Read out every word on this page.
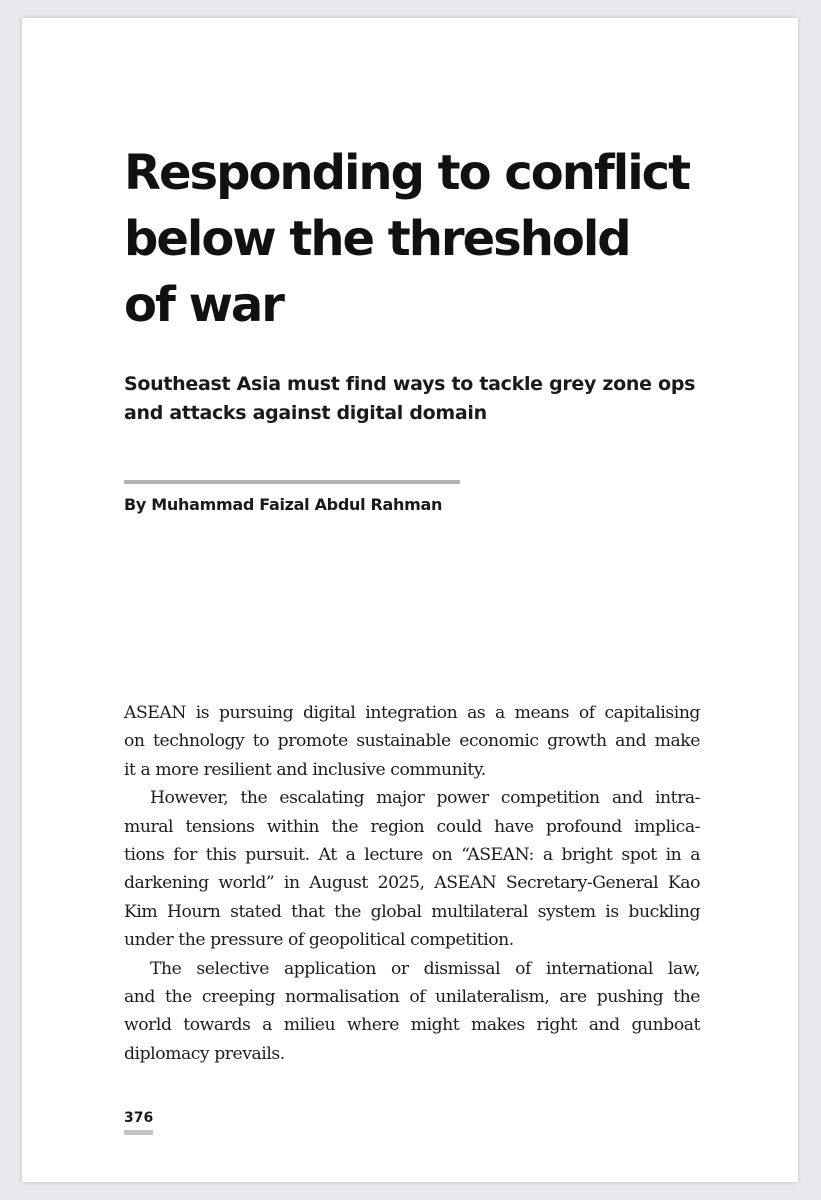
Responding to conflict
below the threshold
of war
Southeast Asia must find ways to tackle grey zone ops
and attacks against digital domain

By Muhammad Faizal Abdul Rahman

ASEAN is pursuing digital integration as a means of capitalising
on technology to promote sustainable economic growth and make
it a more resilient and inclusive community.

However, the escalating major power competition and intra-
mural tensions within the region could have profound implica-
tions for this pursuit. At a lecture on “ASEAN: a bright spot in a
darkening world” in August 2025, ASEAN Secretary-General Kao
Kim Hourn stated that the global multilateral system is buckling
under the pressure of geopolitical competition.

The selective application or dismissal of international law,
and the creeping normalisation of unilateralism, are pushing the
world towards a milieu where might makes right and gunboat
diplomacy prevails.

376
